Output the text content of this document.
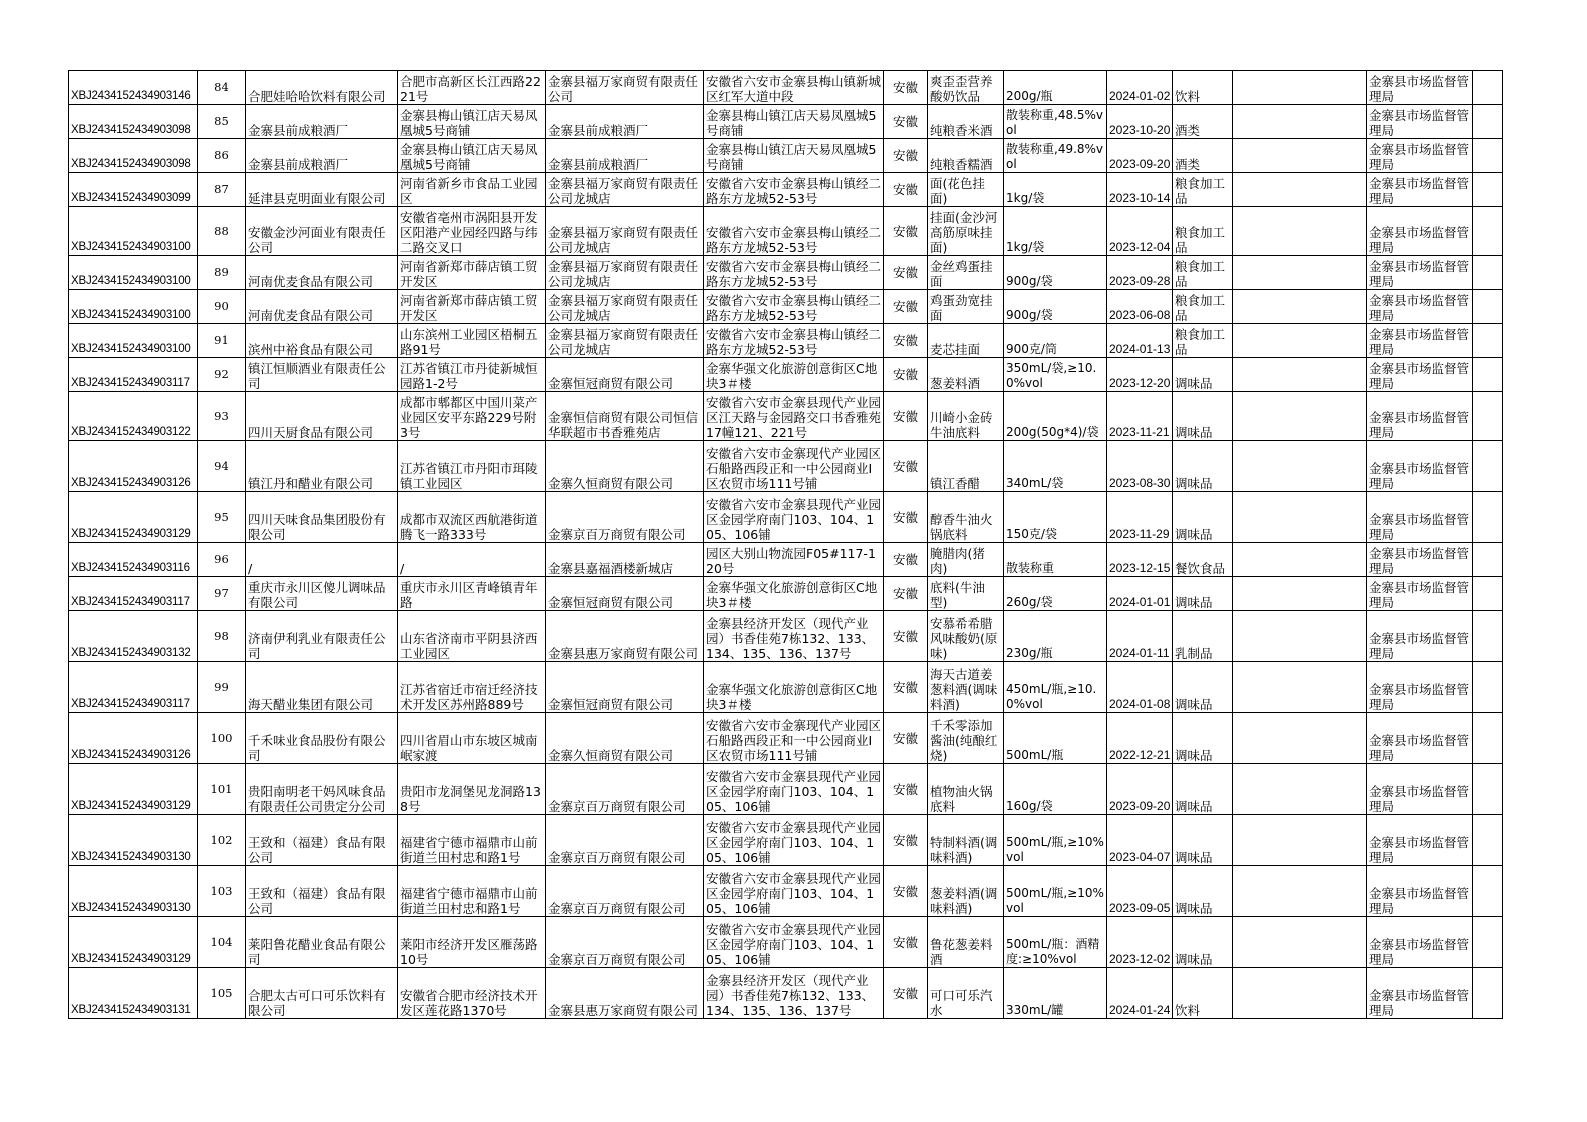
XBJ2434152434903146	84	合肥娃哈哈饮料有限公司	合肥市高新区长江西路2221号	金寨县福万家商贸有限责任公司	安徽省六安市金寨县梅山镇新城区红军大道中段	安徽	爽歪歪营养酸奶饮品	200g/瓶	2024-01-02	饮料		金寨县市场监督管理局	
XBJ2434152434903098	85	金寨县前成粮酒厂	金寨县梅山镇江店天易凤凰城5号商铺	金寨县前成粮酒厂	金寨县梅山镇江店天易凤凰城5号商铺	安徽	纯粮香米酒	散装称重,48.5%vol	2023-10-20	酒类		金寨县市场监督管理局	
XBJ2434152434903098	86	金寨县前成粮酒厂	金寨县梅山镇江店天易凤凰城5号商铺	金寨县前成粮酒厂	金寨县梅山镇江店天易凤凰城5号商铺	安徽	纯粮香糯酒	散装称重,49.8%vol	2023-09-20	酒类		金寨县市场监督管理局	
XBJ2434152434903099	87	延津县克明面业有限公司	河南省新乡市食品工业园区	金寨县福万家商贸有限责任公司龙城店	安徽省六安市金寨县梅山镇经二路东方龙城52-53号	安徽	面(花色挂面)	1kg/袋	2023-10-14	粮食加工品		金寨县市场监督管理局	
XBJ2434152434903100	88	安徽金沙河面业有限责任公司	安徽省亳州市涡阳县开发区阳港产业园经四路与纬二路交叉口	金寨县福万家商贸有限责任公司龙城店	安徽省六安市金寨县梅山镇经二路东方龙城52-53号	安徽	挂面(金沙河高筋原味挂面)	1kg/袋	2023-12-04	粮食加工品		金寨县市场监督管理局	
XBJ2434152434903100	89	河南优麦食品有限公司	河南省新郑市薛店镇工贸开发区	金寨县福万家商贸有限责任公司龙城店	安徽省六安市金寨县梅山镇经二路东方龙城52-53号	安徽	金丝鸡蛋挂面	900g/袋	2023-09-28	粮食加工品		金寨县市场监督管理局	
XBJ2434152434903100	90	河南优麦食品有限公司	河南省新郑市薛店镇工贸开发区	金寨县福万家商贸有限责任公司龙城店	安徽省六安市金寨县梅山镇经二路东方龙城52-53号	安徽	鸡蛋劲宽挂面	900g/袋	2023-06-08	粮食加工品		金寨县市场监督管理局	
XBJ2434152434903100	91	滨州中裕食品有限公司	山东滨州工业园区梧桐五路91号	金寨县福万家商贸有限责任公司龙城店	安徽省六安市金寨县梅山镇经二路东方龙城52-53号	安徽	麦芯挂面	900克/筒	2024-01-13	粮食加工品		金寨县市场监督管理局	
XBJ2434152434903117	92	镇江恒顺酒业有限责任公司	江苏省镇江市丹徒新城恒园路1-2号	金寨恒冠商贸有限公司	金寨华强文化旅游创意街区C地块3＃楼	安徽	葱姜料酒	350mL/袋,≥10.0%vol	2023-12-20	调味品		金寨县市场监督管理局	
XBJ2434152434903122	93	四川天厨食品有限公司	成都市郫都区中国川菜产业园区安平东路229号附3号	金寨恒信商贸有限公司恒信华联超市书香雅苑店	安徽省六安市金寨县现代产业园区江天路与金园路交口书香雅苑17幢121、221号	安徽	川崎小金砖牛油底料	200g(50g*4)/袋	2023-11-21	调味品		金寨县市场监督管理局	
XBJ2434152434903126	94	镇江丹和醋业有限公司	江苏省镇江市丹阳市珥陵镇工业园区	金寨久恒商贸有限公司	安徽省六安市金寨现代产业园区石船路西段正和一中公园商业I区农贸市场111号铺	安徽	镇江香醋	340mL/袋	2023-08-30	调味品		金寨县市场监督管理局	
XBJ2434152434903129	95	四川天味食品集团股份有限公司	成都市双流区西航港街道腾飞一路333号	金寨京百万商贸有限公司	安徽省六安市金寨县现代产业园区金园学府南门103、104、105、106铺	安徽	醇香牛油火锅底料	150克/袋	2023-11-29	调味品		金寨县市场监督管理局	
XBJ2434152434903116	96	/	/	金寨县嘉福酒楼新城店	园区大别山物流园F05#117-120号	安徽	腌腊肉(猪肉)	散装称重	2023-12-15	餐饮食品		金寨县市场监督管理局	
XBJ2434152434903117	97	重庆市永川区傻儿调味品有限公司	重庆市永川区青峰镇青年路	金寨恒冠商贸有限公司	金寨华强文化旅游创意街区C地块3＃楼	安徽	底料(牛油型)	260g/袋	2024-01-01	调味品		金寨县市场监督管理局	
XBJ2434152434903132	98	济南伊利乳业有限责任公司	山东省济南市平阴县济西工业园区	金寨县惠万家商贸有限公司	金寨县经济开发区（现代产业园）书香佳苑7栋132、133、134、135、136、137号	安徽	安慕希希腊风味酸奶(原味)	230g/瓶	2024-01-11	乳制品		金寨县市场监督管理局	
XBJ2434152434903117	99	海天醋业集团有限公司	江苏省宿迁市宿迁经济技术开发区苏州路889号	金寨恒冠商贸有限公司	金寨华强文化旅游创意街区C地块3＃楼	安徽	海天古道姜葱料酒(调味料酒)	450mL/瓶,≥10.0%vol	2024-01-08	调味品		金寨县市场监督管理局	
XBJ2434152434903126	100	千禾味业食品股份有限公司	四川省眉山市东坡区城南岷家渡	金寨久恒商贸有限公司	安徽省六安市金寨现代产业园区石船路西段正和一中公园商业I区农贸市场111号铺	安徽	千禾零添加酱油(纯酿红烧)	500mL/瓶	2022-12-21	调味品		金寨县市场监督管理局	
XBJ2434152434903129	101	贵阳南明老干妈风味食品有限责任公司贵定分公司	贵阳市龙洞堡见龙洞路138号	金寨京百万商贸有限公司	安徽省六安市金寨县现代产业园区金园学府南门103、104、105、106铺	安徽	植物油火锅底料	160g/袋	2023-09-20	调味品		金寨县市场监督管理局	
XBJ2434152434903130	102	王致和（福建）食品有限公司	福建省宁德市福鼎市山前街道兰田村忠和路1号	金寨京百万商贸有限公司	安徽省六安市金寨县现代产业园区金园学府南门103、104、105、106铺	安徽	特制料酒(调味料酒)	500mL/瓶,≥10%vol	2023-04-07	调味品		金寨县市场监督管理局	
XBJ2434152434903130	103	王致和（福建）食品有限公司	福建省宁德市福鼎市山前街道兰田村忠和路1号	金寨京百万商贸有限公司	安徽省六安市金寨县现代产业园区金园学府南门103、104、105、106铺	安徽	葱姜料酒(调味料酒)	500mL/瓶,≥10%vol	2023-09-05	调味品		金寨县市场监督管理局	
XBJ2434152434903129	104	莱阳鲁花醋业食品有限公司	莱阳市经济开发区雁荡路10号	金寨京百万商贸有限公司	安徽省六安市金寨县现代产业园区金园学府南门103、104、105、106铺	安徽	鲁花葱姜料酒	500mL/瓶：酒精度:≥10%vol	2023-12-02	调味品		金寨县市场监督管理局	
XBJ2434152434903131	105	合肥太古可口可乐饮料有限公司	安徽省合肥市经济技术开发区莲花路1370号	金寨县惠万家商贸有限公司	金寨县经济开发区（现代产业园）书香佳苑7栋132、133、134、135、136、137号	安徽	可口可乐汽水	330mL/罐	2024-01-24	饮料		金寨县市场监督管理局	
